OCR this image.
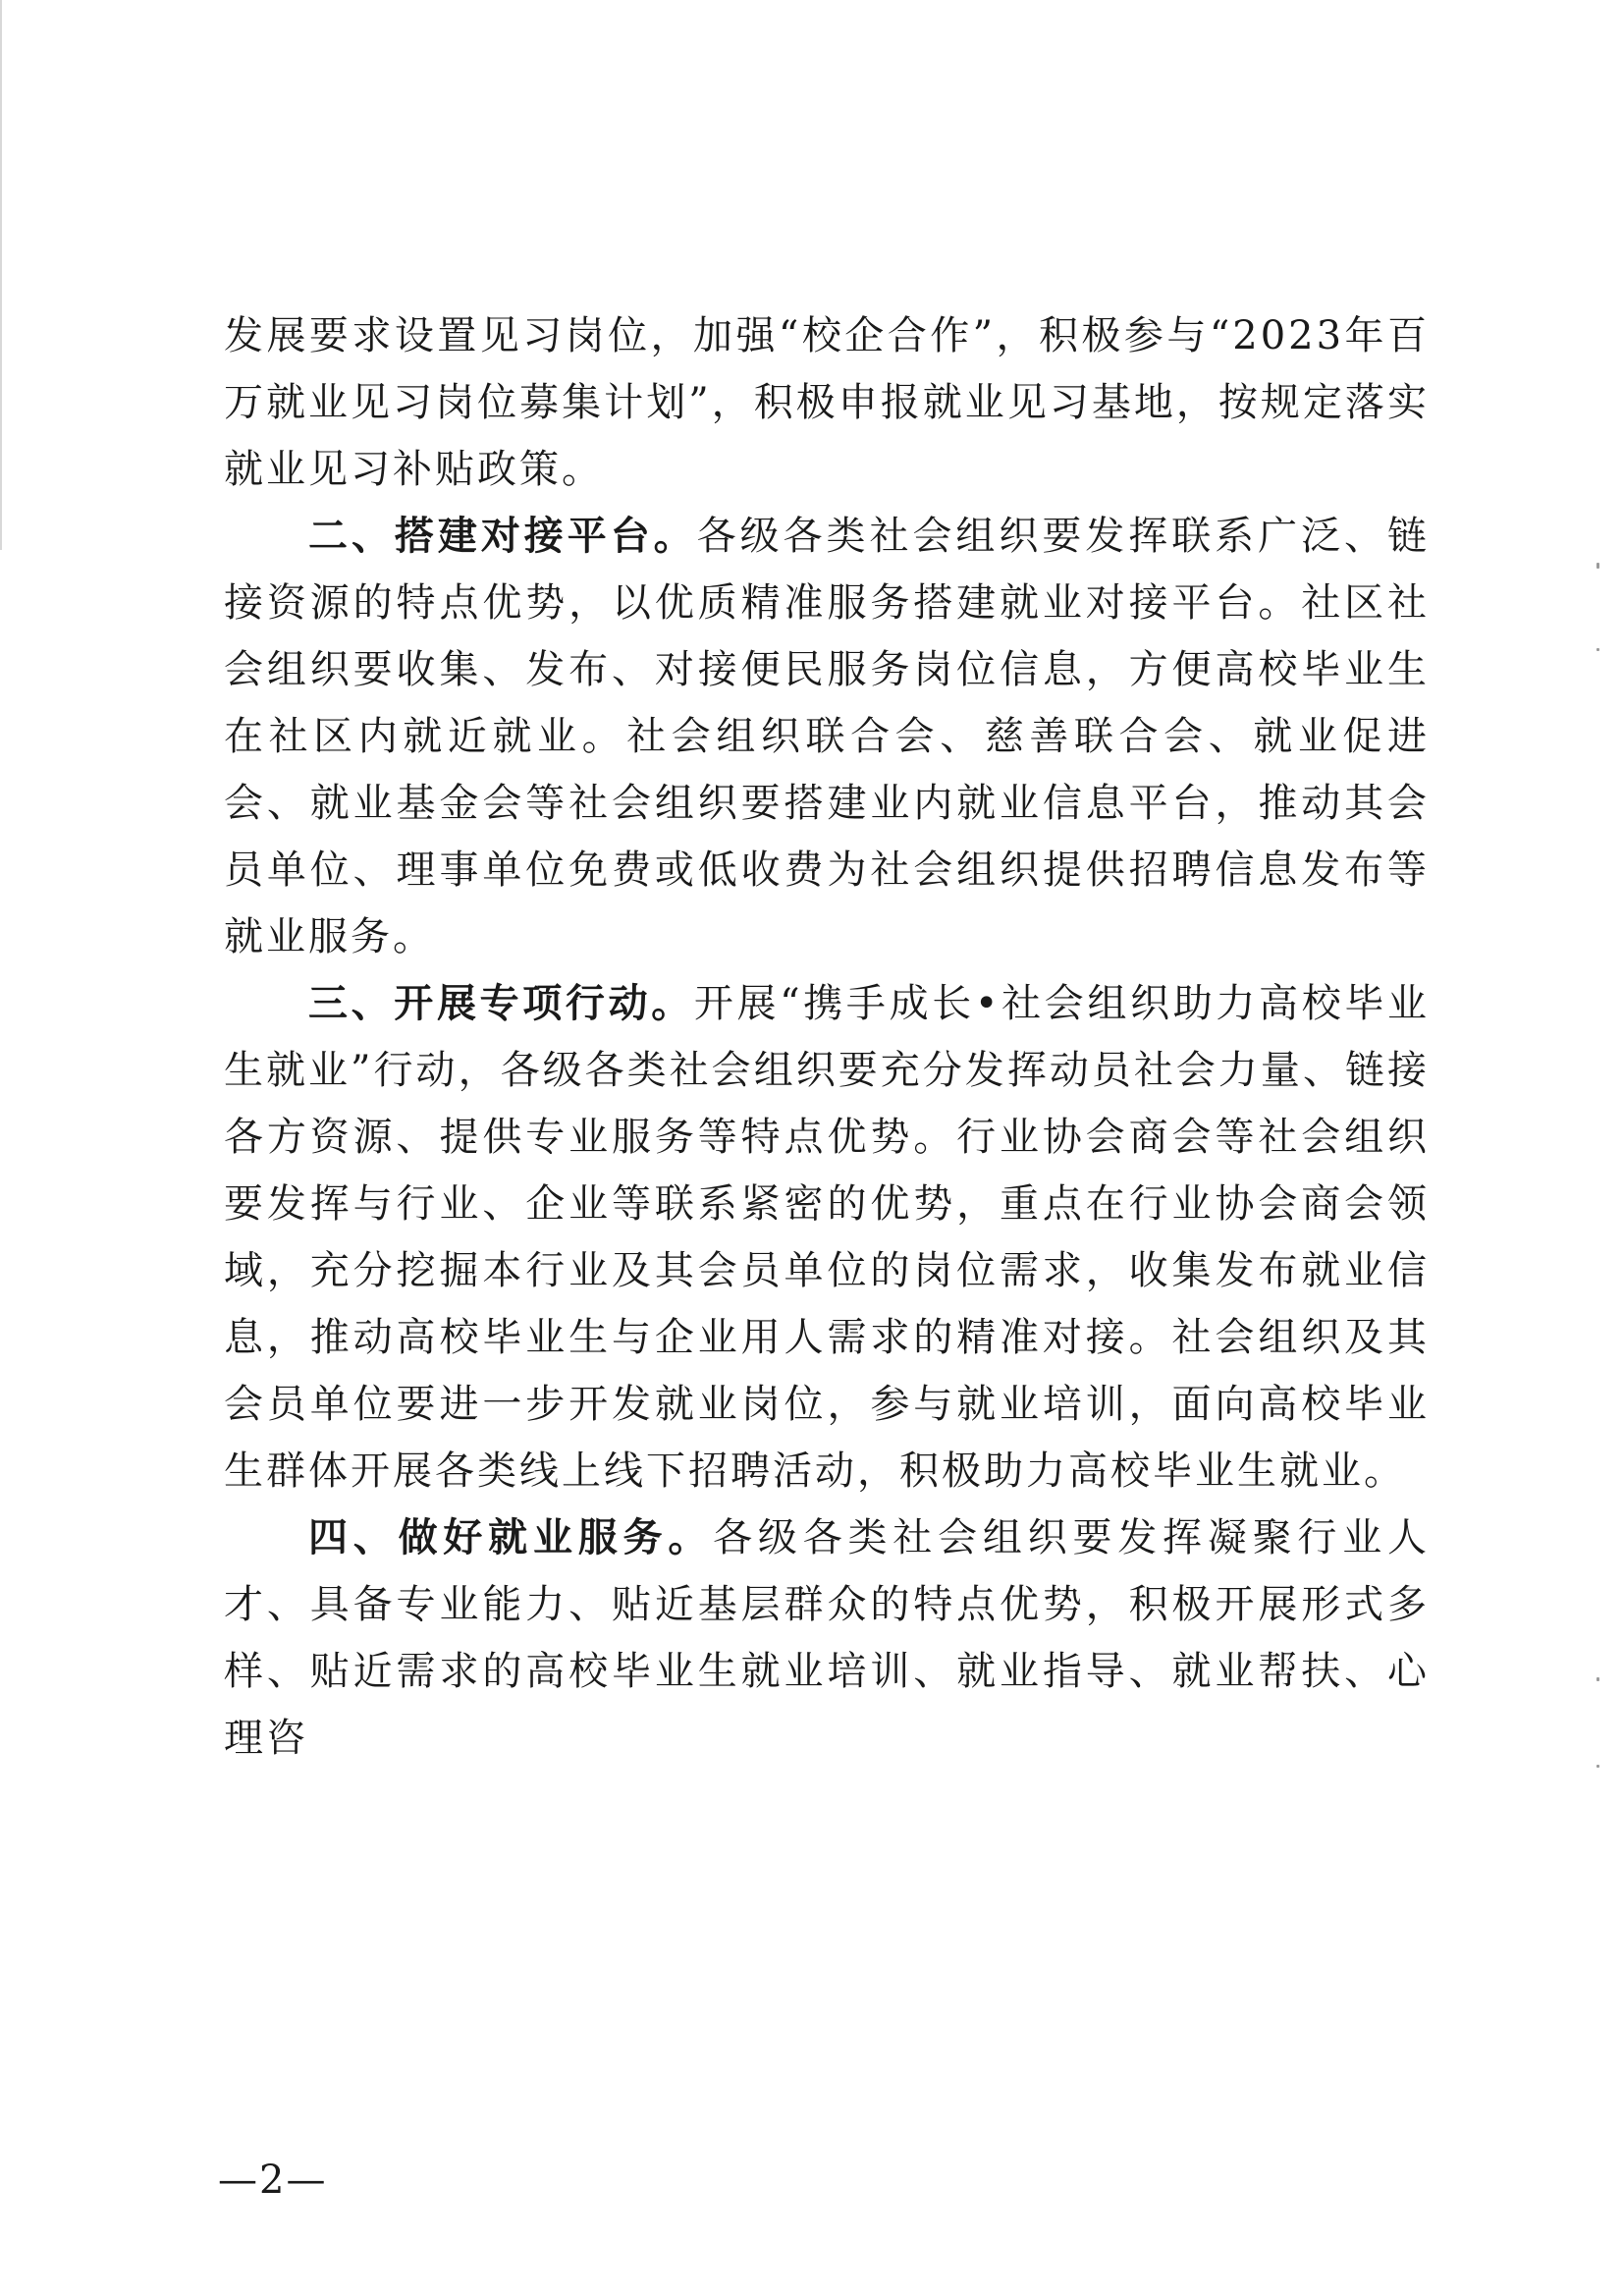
发展要求设置见习岗位，加强“校企合作”，积极参与“2023年百万就业见习岗位募集计划”，积极申报就业见习基地，按规定落实就业见习补贴政策。

二、搭建对接平台。各级各类社会组织要发挥联系广泛、链接资源的特点优势，以优质精准服务搭建就业对接平台。社区社会组织要收集、发布、对接便民服务岗位信息，方便高校毕业生在社区内就近就业。社会组织联合会、慈善联合会、就业促进会、就业基金会等社会组织要搭建业内就业信息平台，推动其会员单位、理事单位免费或低收费为社会组织提供招聘信息发布等就业服务。

三、开展专项行动。开展“携手成长•社会组织助力高校毕业生就业”行动，各级各类社会组织要充分发挥动员社会力量、链接各方资源、提供专业服务等特点优势。行业协会商会等社会组织要发挥与行业、企业等联系紧密的优势，重点在行业协会商会领域，充分挖掘本行业及其会员单位的岗位需求，收集发布就业信息，推动高校毕业生与企业用人需求的精准对接。社会组织及其会员单位要进一步开发就业岗位，参与就业培训，面向高校毕业生群体开展各类线上线下招聘活动，积极助力高校毕业生就业。

四、做好就业服务。各级各类社会组织要发挥凝聚行业人才、具备专业能力、贴近基层群众的特点优势，积极开展形式多样、贴近需求的高校毕业生就业培训、就业指导、就业帮扶、心理咨

—2—
